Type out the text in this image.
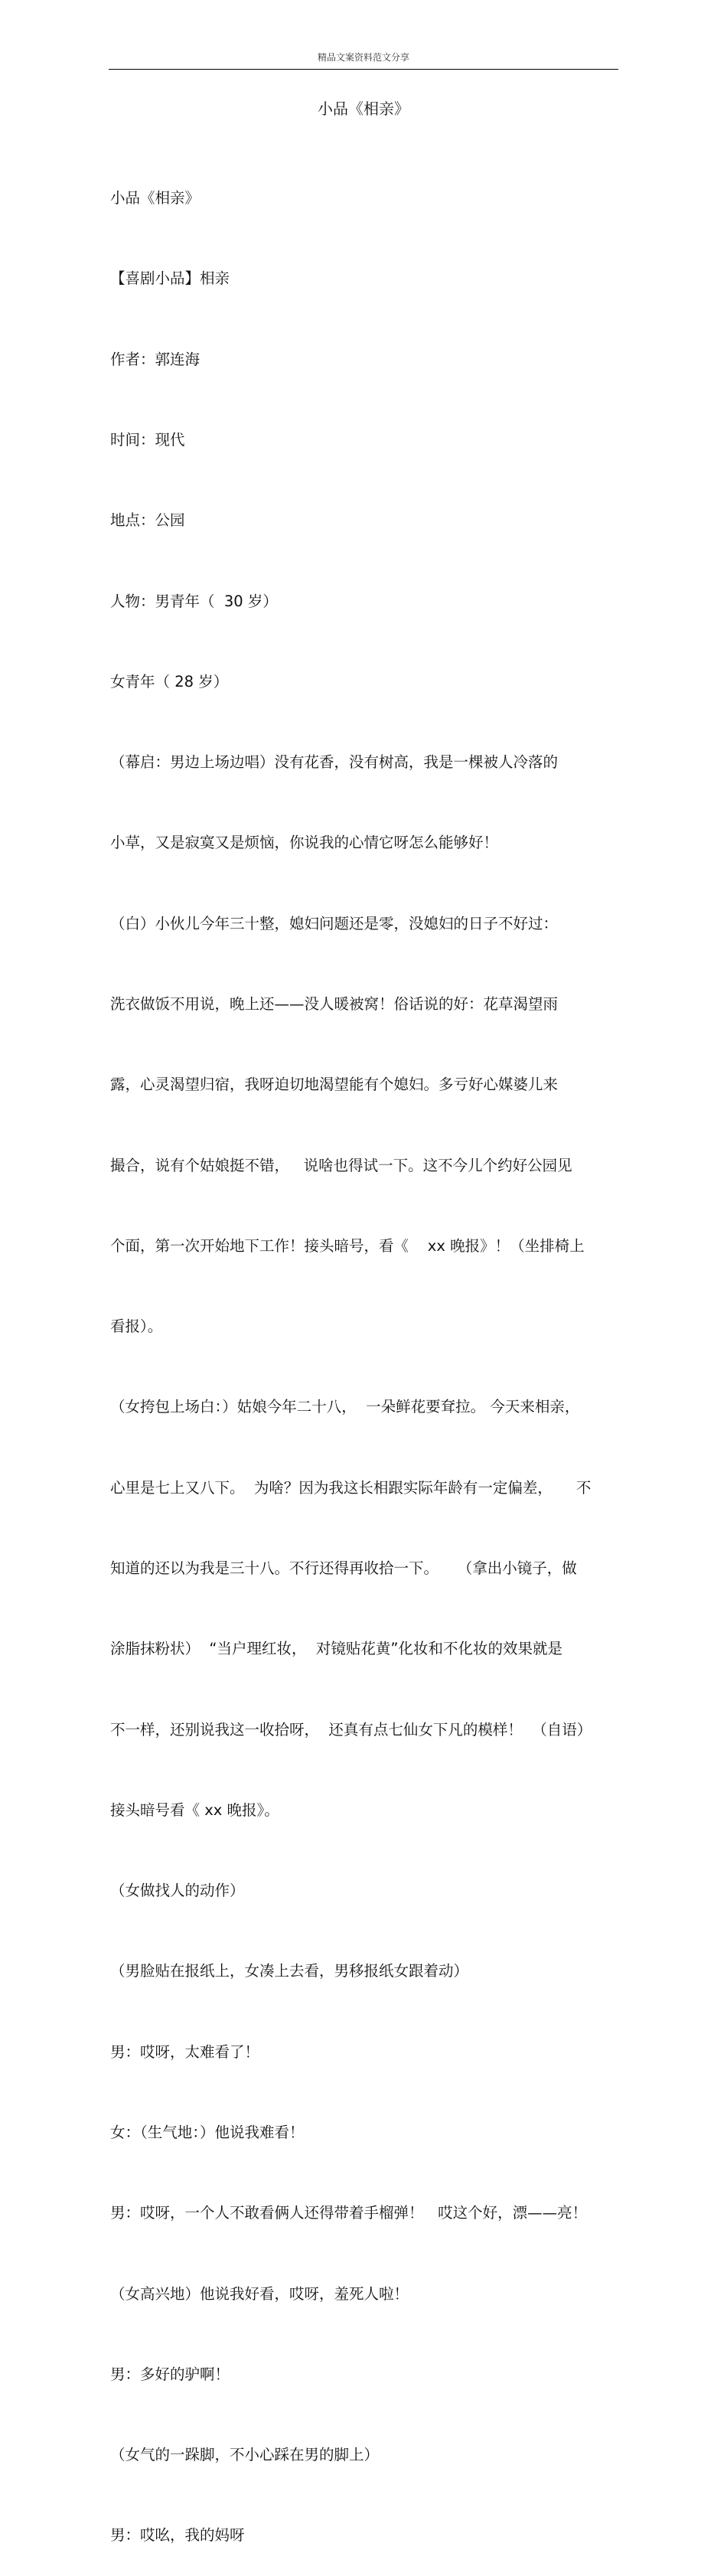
精品文案资料范文分享
小品《相亲》

小品《相亲》

【喜剧小品】相亲

作者：郭连海

时间：现代

地点：公园

人物：男青年（  30 岁）

女青年（ 28 岁）

（幕启：男边上场边唱）没有花香，没有树高，我是一棵被人冷落的

小草，又是寂寞又是烦恼，你说我的心情它呀怎么能够好！

（白）小伙儿今年三十整，媳妇问题还是零，没媳妇的日子不好过：

洗衣做饭不用说，晚上还——没人暖被窝！俗话说的好：花草渴望雨

露，心灵渴望归宿，我呀迫切地渴望能有个媳妇。多亏好心媒婆儿来

撮合，说有个姑娘挺不错，   说啥也得试一下。这不今儿个约好公园见

个面，第一次开始地下工作！接头暗号，看《    xx 晚报》！（坐排椅上

看报）。

（女挎包上场白：）姑娘今年二十八，  一朵鲜花要耷拉。 今天来相亲，

心里是七上又八下。  为啥？因为我这长相跟实际年龄有一定偏差，     不

知道的还以为我是三十八。不行还得再收拾一下。    （拿出小镜子，做

涂脂抹粉状）  “当户理红妆，  对镜贴花黄”化妆和不化妆的效果就是

不一样，还别说我这一收拾呀，  还真有点七仙女下凡的模样！  （自语）

接头暗号看《 xx 晚报》。

（女做找人的动作）

（男脸贴在报纸上，女凑上去看，男移报纸女跟着动）

男：哎呀，太难看了！

女：（生气地：）他说我难看！

男：哎呀，一个人不敢看俩人还得带着手榴弹！   哎这个好，漂——亮！

（女高兴地）他说我好看，哎呀，羞死人啦！

男：多好的驴啊！

（女气的一跺脚，不小心踩在男的脚上）

男：哎吆，我的妈呀
